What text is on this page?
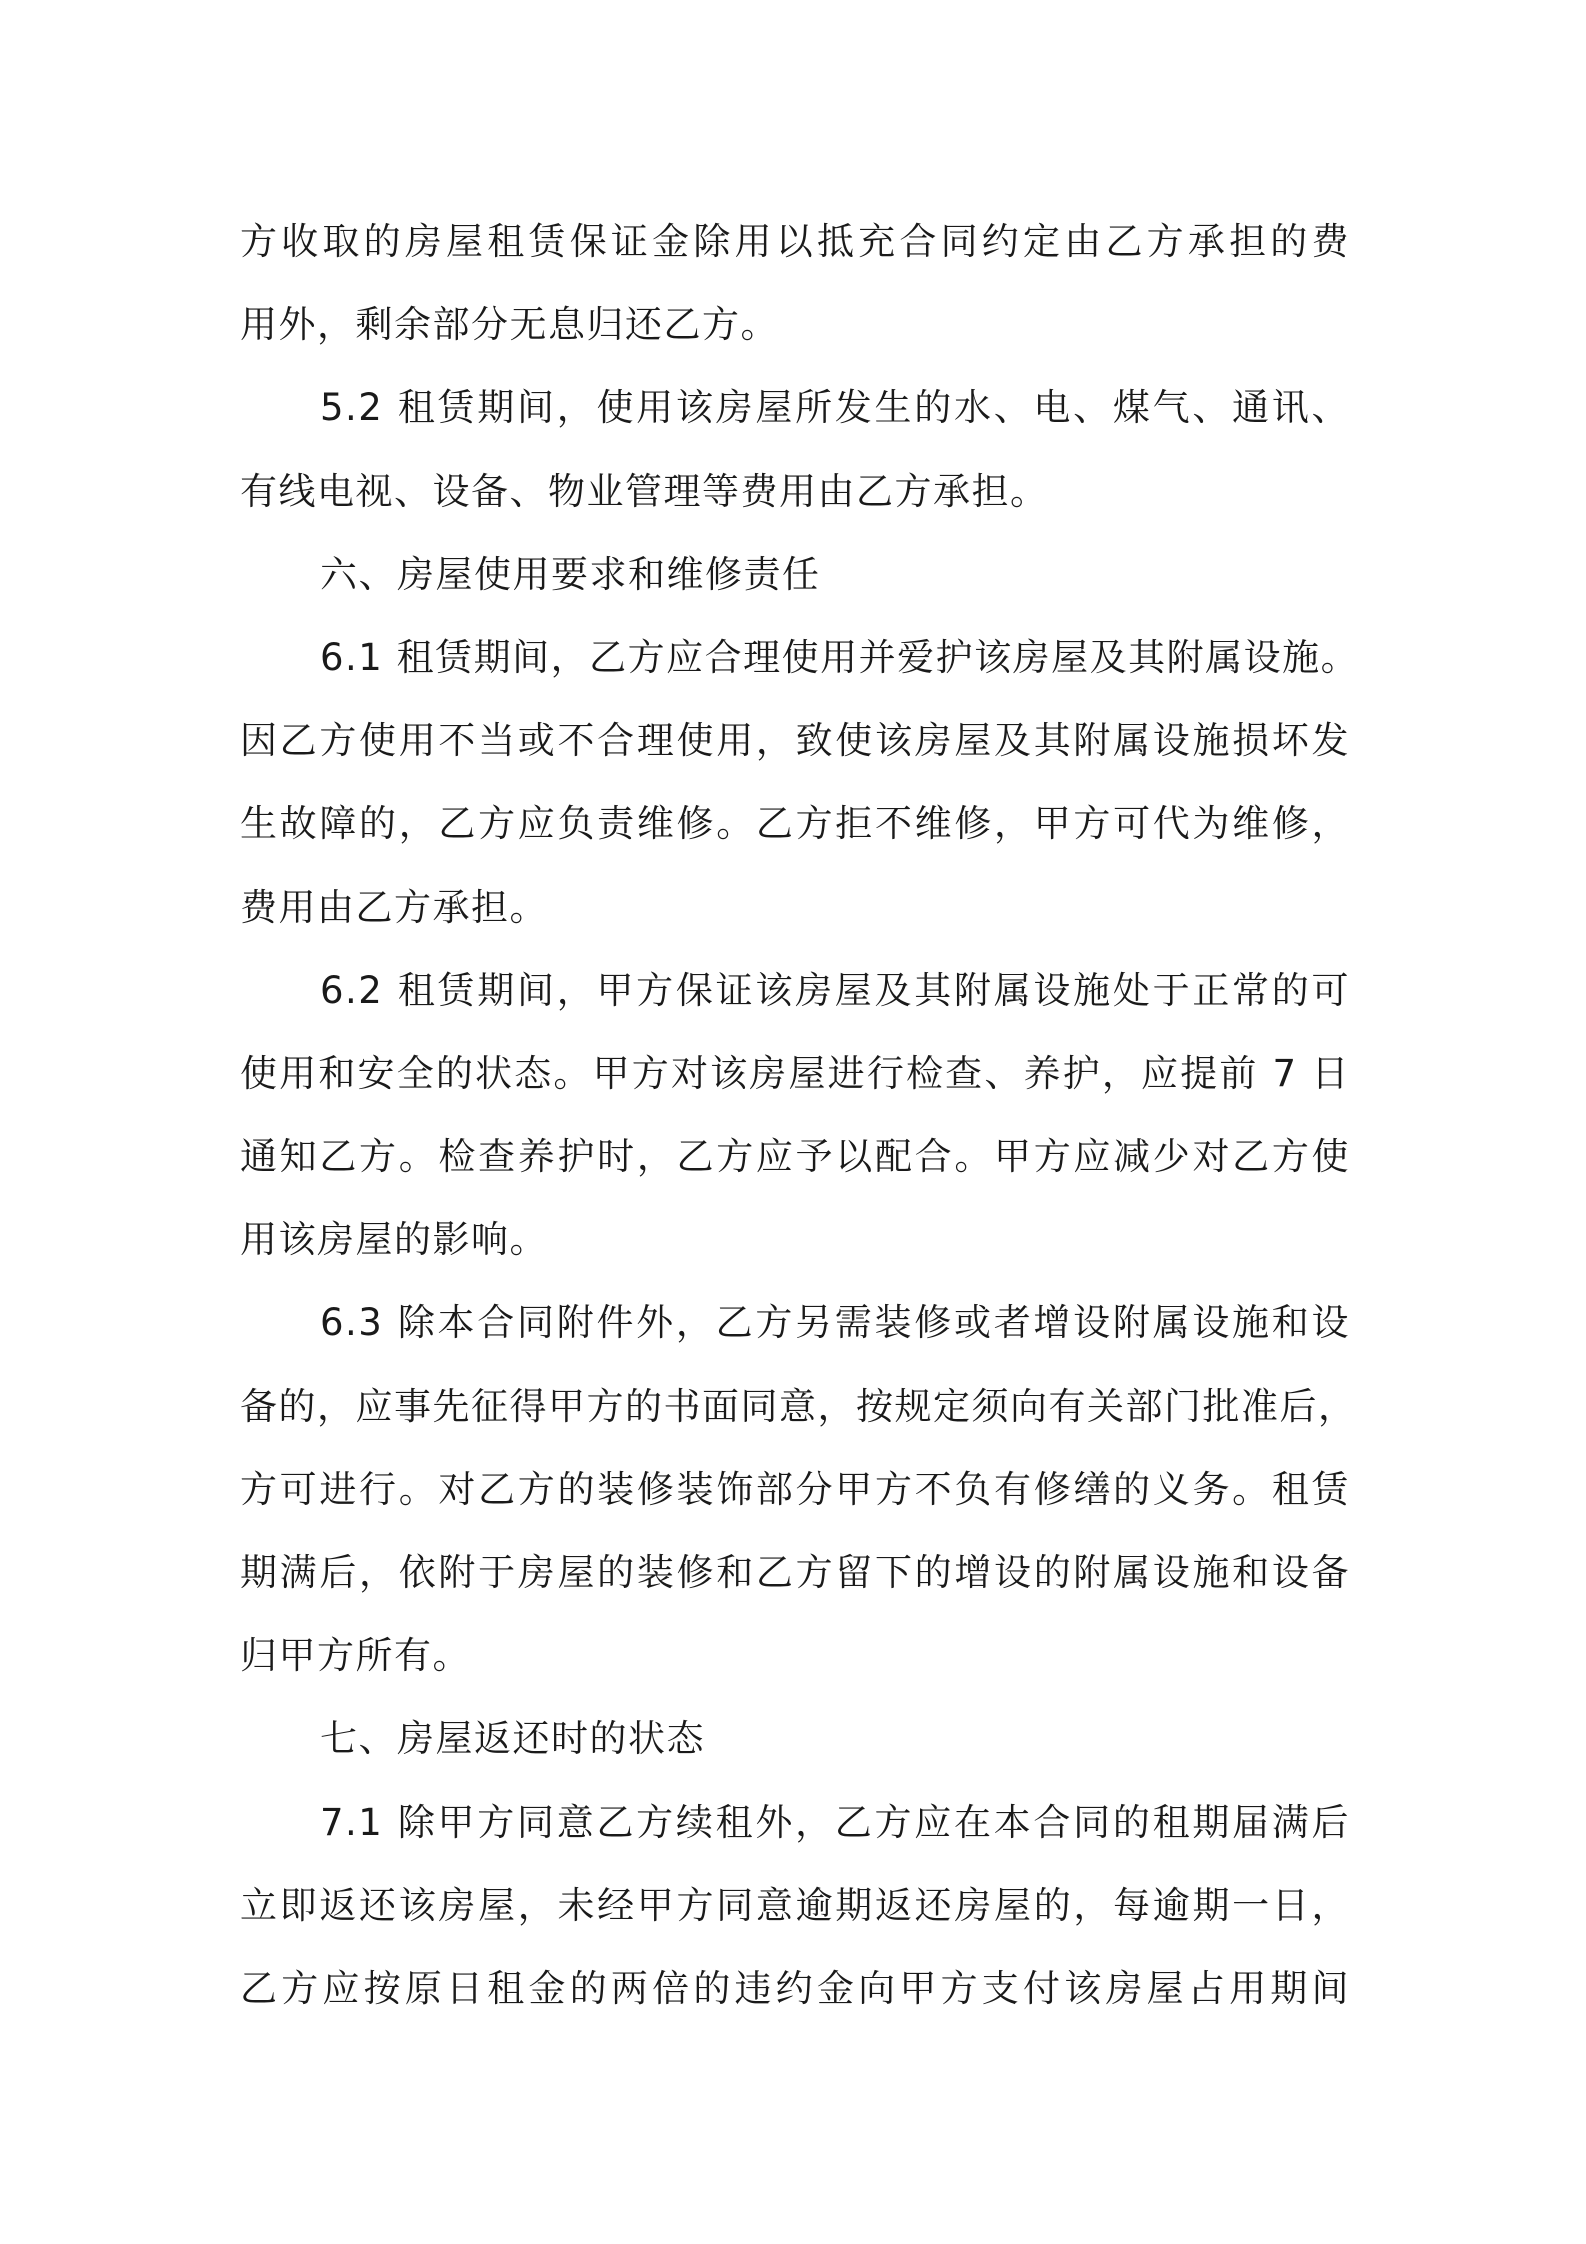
方收取的房屋租赁保证金除用以抵充合同约定由乙方承担的费
用外，剩余部分无息归还乙方。
5.2 租赁期间，使用该房屋所发生的水、电、煤气、通讯、
有线电视、设备、物业管理等费用由乙方承担。
六、房屋使用要求和维修责任
6.1 租赁期间，乙方应合理使用并爱护该房屋及其附属设施。
因乙方使用不当或不合理使用，致使该房屋及其附属设施损坏发
生故障的，乙方应负责维修。乙方拒不维修，甲方可代为维修，
费用由乙方承担。
6.2 租赁期间，甲方保证该房屋及其附属设施处于正常的可
使用和安全的状态。甲方对该房屋进行检查、养护，应提前 7 日
通知乙方。检查养护时，乙方应予以配合。甲方应减少对乙方使
用该房屋的影响。
6.3 除本合同附件外，乙方另需装修或者增设附属设施和设
备的，应事先征得甲方的书面同意，按规定须向有关部门批准后，
方可进行。对乙方的装修装饰部分甲方不负有修缮的义务。租赁
期满后，依附于房屋的装修和乙方留下的增设的附属设施和设备
归甲方所有。
七、房屋返还时的状态
7.1 除甲方同意乙方续租外，乙方应在本合同的租期届满后
立即返还该房屋，未经甲方同意逾期返还房屋的，每逾期一日，
乙方应按原日租金的两倍的违约金向甲方支付该房屋占用期间
